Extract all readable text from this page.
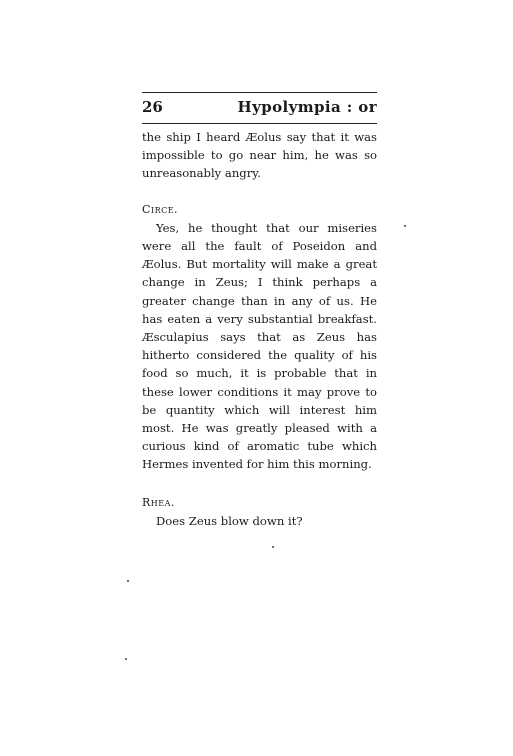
26	Hypolympia : or

the ship I heard Æolus say that it was impossible to go near him, he was so unreasonably angry.

Circe.

Yes, he thought that our miseries were all the fault of Poseidon and Æolus. But mortality will make a great change in Zeus; I think perhaps a greater change than in any of us. He has eaten a very substantial breakfast. Æsculapius says that as Zeus has hitherto considered the quality of his food so much, it is probable that in these lower conditions it may prove to be quantity which will interest him most. He was greatly pleased with a curious kind of aromatic tube which Hermes invented for him this morning.

Rhea.

Does Zeus blow down it?
